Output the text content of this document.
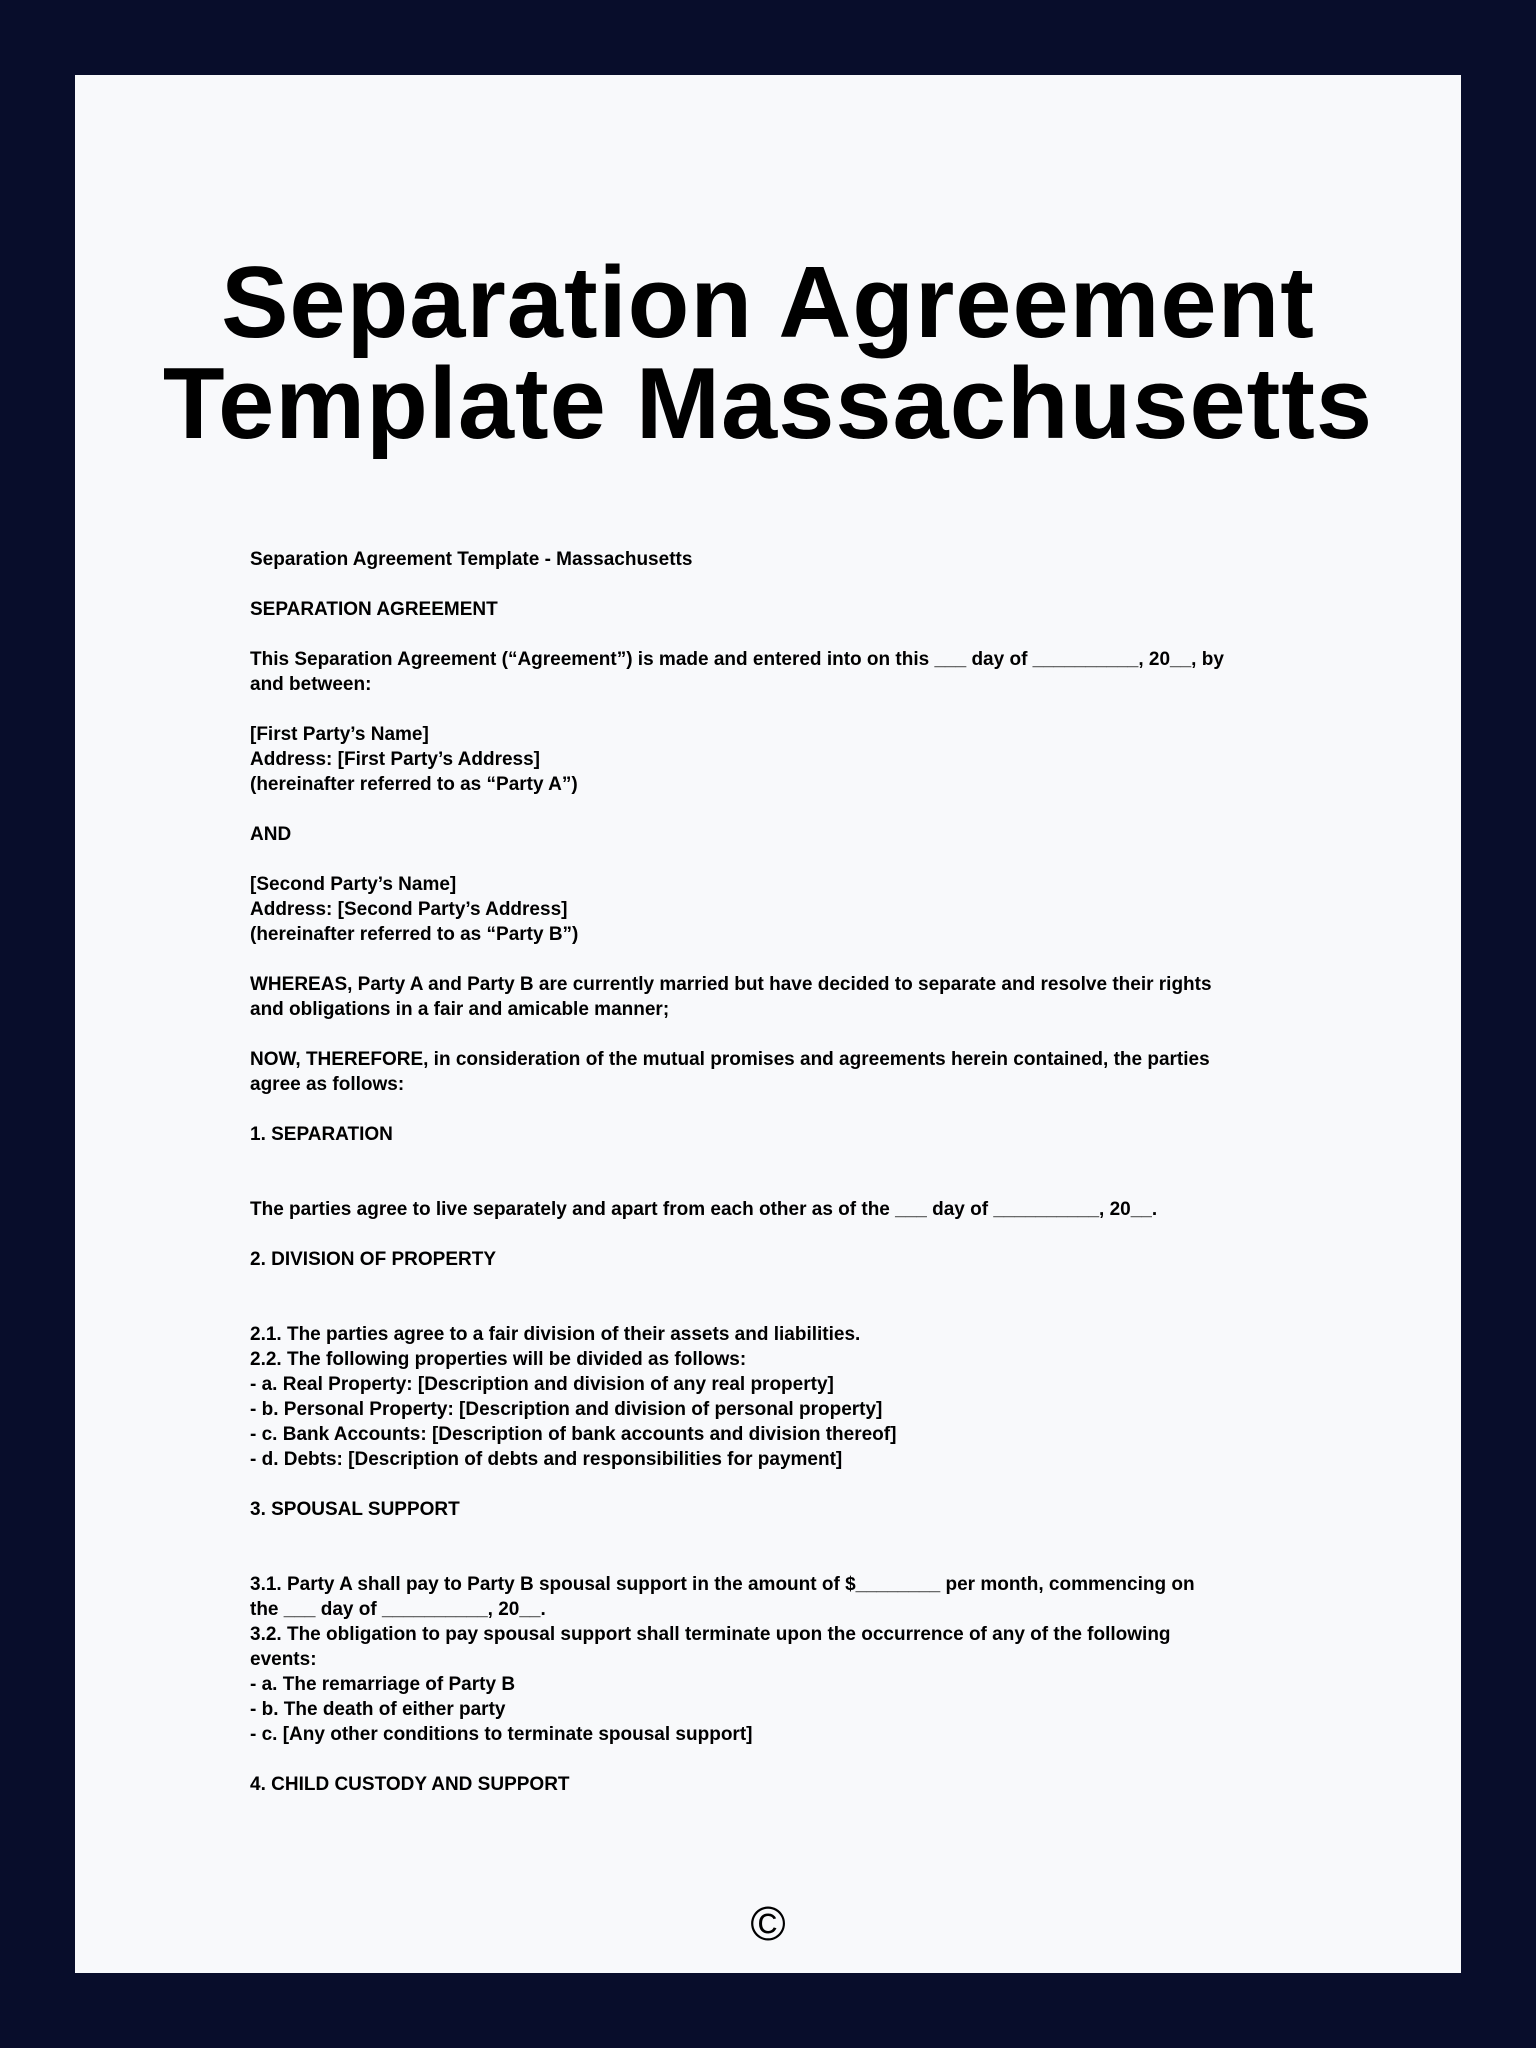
Separation Agreement
Template Massachusetts

Separation Agreement Template - Massachusetts

SEPARATION AGREEMENT

This Separation Agreement (“Agreement”) is made and entered into on this ___ day of __________, 20__, by

and between:

[First Party’s Name]

Address: [First Party’s Address]

(hereinafter referred to as “Party A”)

AND

[Second Party’s Name]

Address: [Second Party’s Address]

(hereinafter referred to as “Party B”)

WHEREAS, Party A and Party B are currently married but have decided to separate and resolve their rights

and obligations in a fair and amicable manner;

NOW, THEREFORE, in consideration of the mutual promises and agreements herein contained, the parties

agree as follows:

1. SEPARATION

The parties agree to live separately and apart from each other as of the ___ day of __________, 20__.

2. DIVISION OF PROPERTY

2.1. The parties agree to a fair division of their assets and liabilities.

2.2. The following properties will be divided as follows:

- a. Real Property: [Description and division of any real property]

- b. Personal Property: [Description and division of personal property]

- c. Bank Accounts: [Description of bank accounts and division thereof]

- d. Debts: [Description of debts and responsibilities for payment]

3. SPOUSAL SUPPORT

3.1. Party A shall pay to Party B spousal support in the amount of $________ per month, commencing on

the ___ day of __________, 20__.

3.2. The obligation to pay spousal support shall terminate upon the occurrence of any of the following

events:

- a. The remarriage of Party B

- b. The death of either party

- c. [Any other conditions to terminate spousal support]

4. CHILD CUSTODY AND SUPPORT

©
